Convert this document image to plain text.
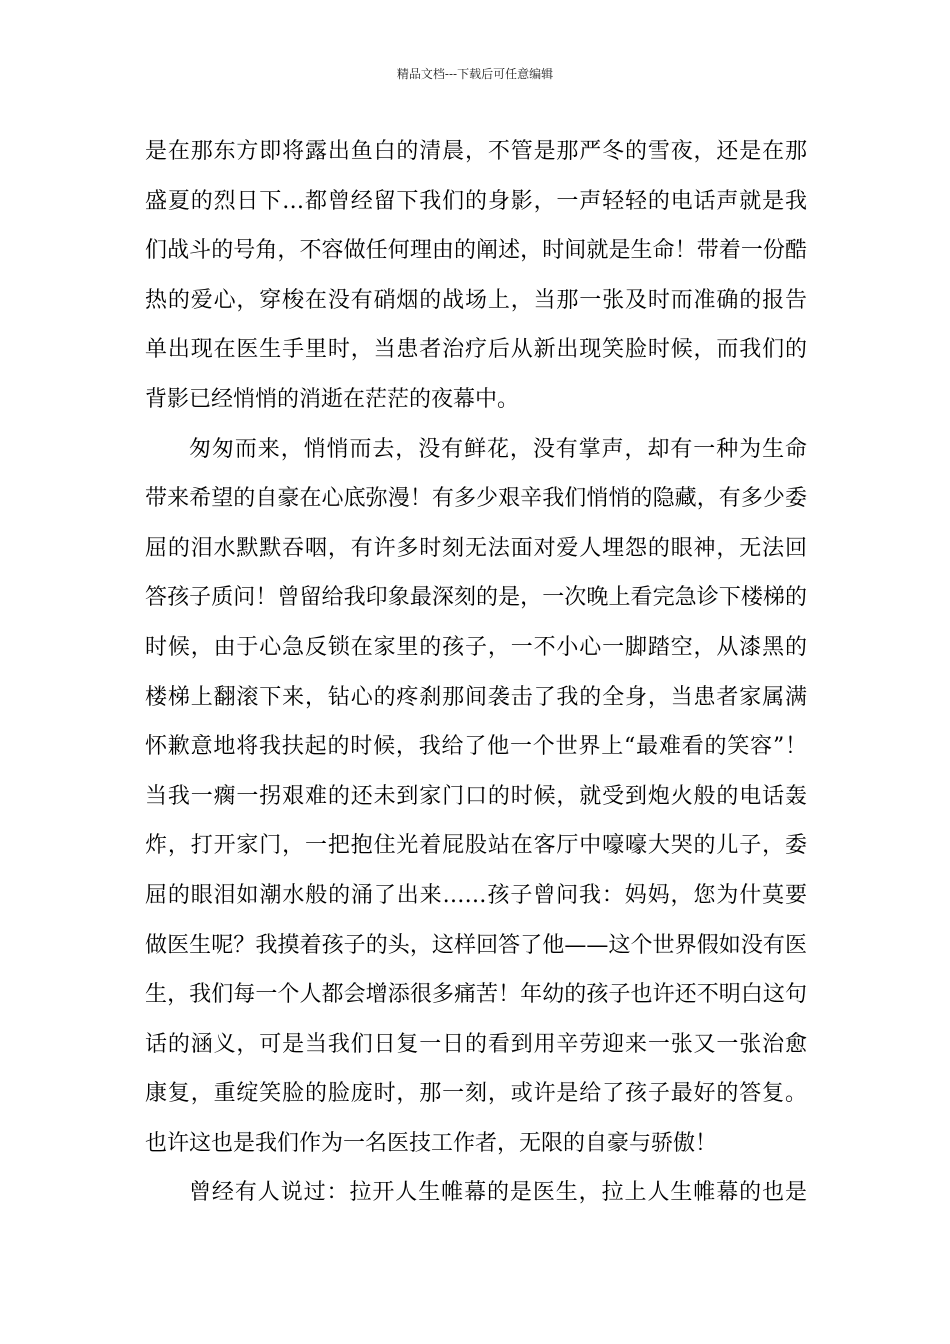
精品文档---下载后可任意编辑
是在那东方即将露出鱼白的清晨，不管是那严冬的雪夜，还是在那
盛夏的烈日下…都曾经留下我们的身影，一声轻轻的电话声就是我
们战斗的号角，不容做任何理由的阐述，时间就是生命！带着一份酷
热的爱心，穿梭在没有硝烟的战场上，当那一张及时而准确的报告
单出现在医生手里时，当患者治疗后从新出现笑脸时候，而我们的
背影已经悄悄的消逝在茫茫的夜幕中。
匆匆而来，悄悄而去，没有鲜花，没有掌声，却有一种为生命
带来希望的自豪在心底弥漫！有多少艰辛我们悄悄的隐藏，有多少委
屈的泪水默默吞咽，有许多时刻无法面对爱人埋怨的眼神，无法回
答孩子质问！曾留给我印象最深刻的是，一次晚上看完急诊下楼梯的
时候，由于心急反锁在家里的孩子，一不小心一脚踏空，从漆黑的
楼梯上翻滚下来，钻心的疼刹那间袭击了我的全身，当患者家属满
怀歉意地将我扶起的时候，我给了他一个世界上“最难看的笑容”！
当我一瘸一拐艰难的还未到家门口的时候，就受到炮火般的电话轰
炸，打开家门，一把抱住光着屁股站在客厅中嚎嚎大哭的儿子，委
屈的眼泪如潮水般的涌了出来……孩子曾问我：妈妈，您为什莫要
做医生呢？我摸着孩子的头，这样回答了他——这个世界假如没有医
生，我们每一个人都会增添很多痛苦！年幼的孩子也许还不明白这句
话的涵义，可是当我们日复一日的看到用辛劳迎来一张又一张治愈
康复，重绽笑脸的脸庞时，那一刻，或许是给了孩子最好的答复。
也许这也是我们作为一名医技工作者，无限的自豪与骄傲！
曾经有人说过：拉开人生帷幕的是医生，拉上人生帷幕的也是
